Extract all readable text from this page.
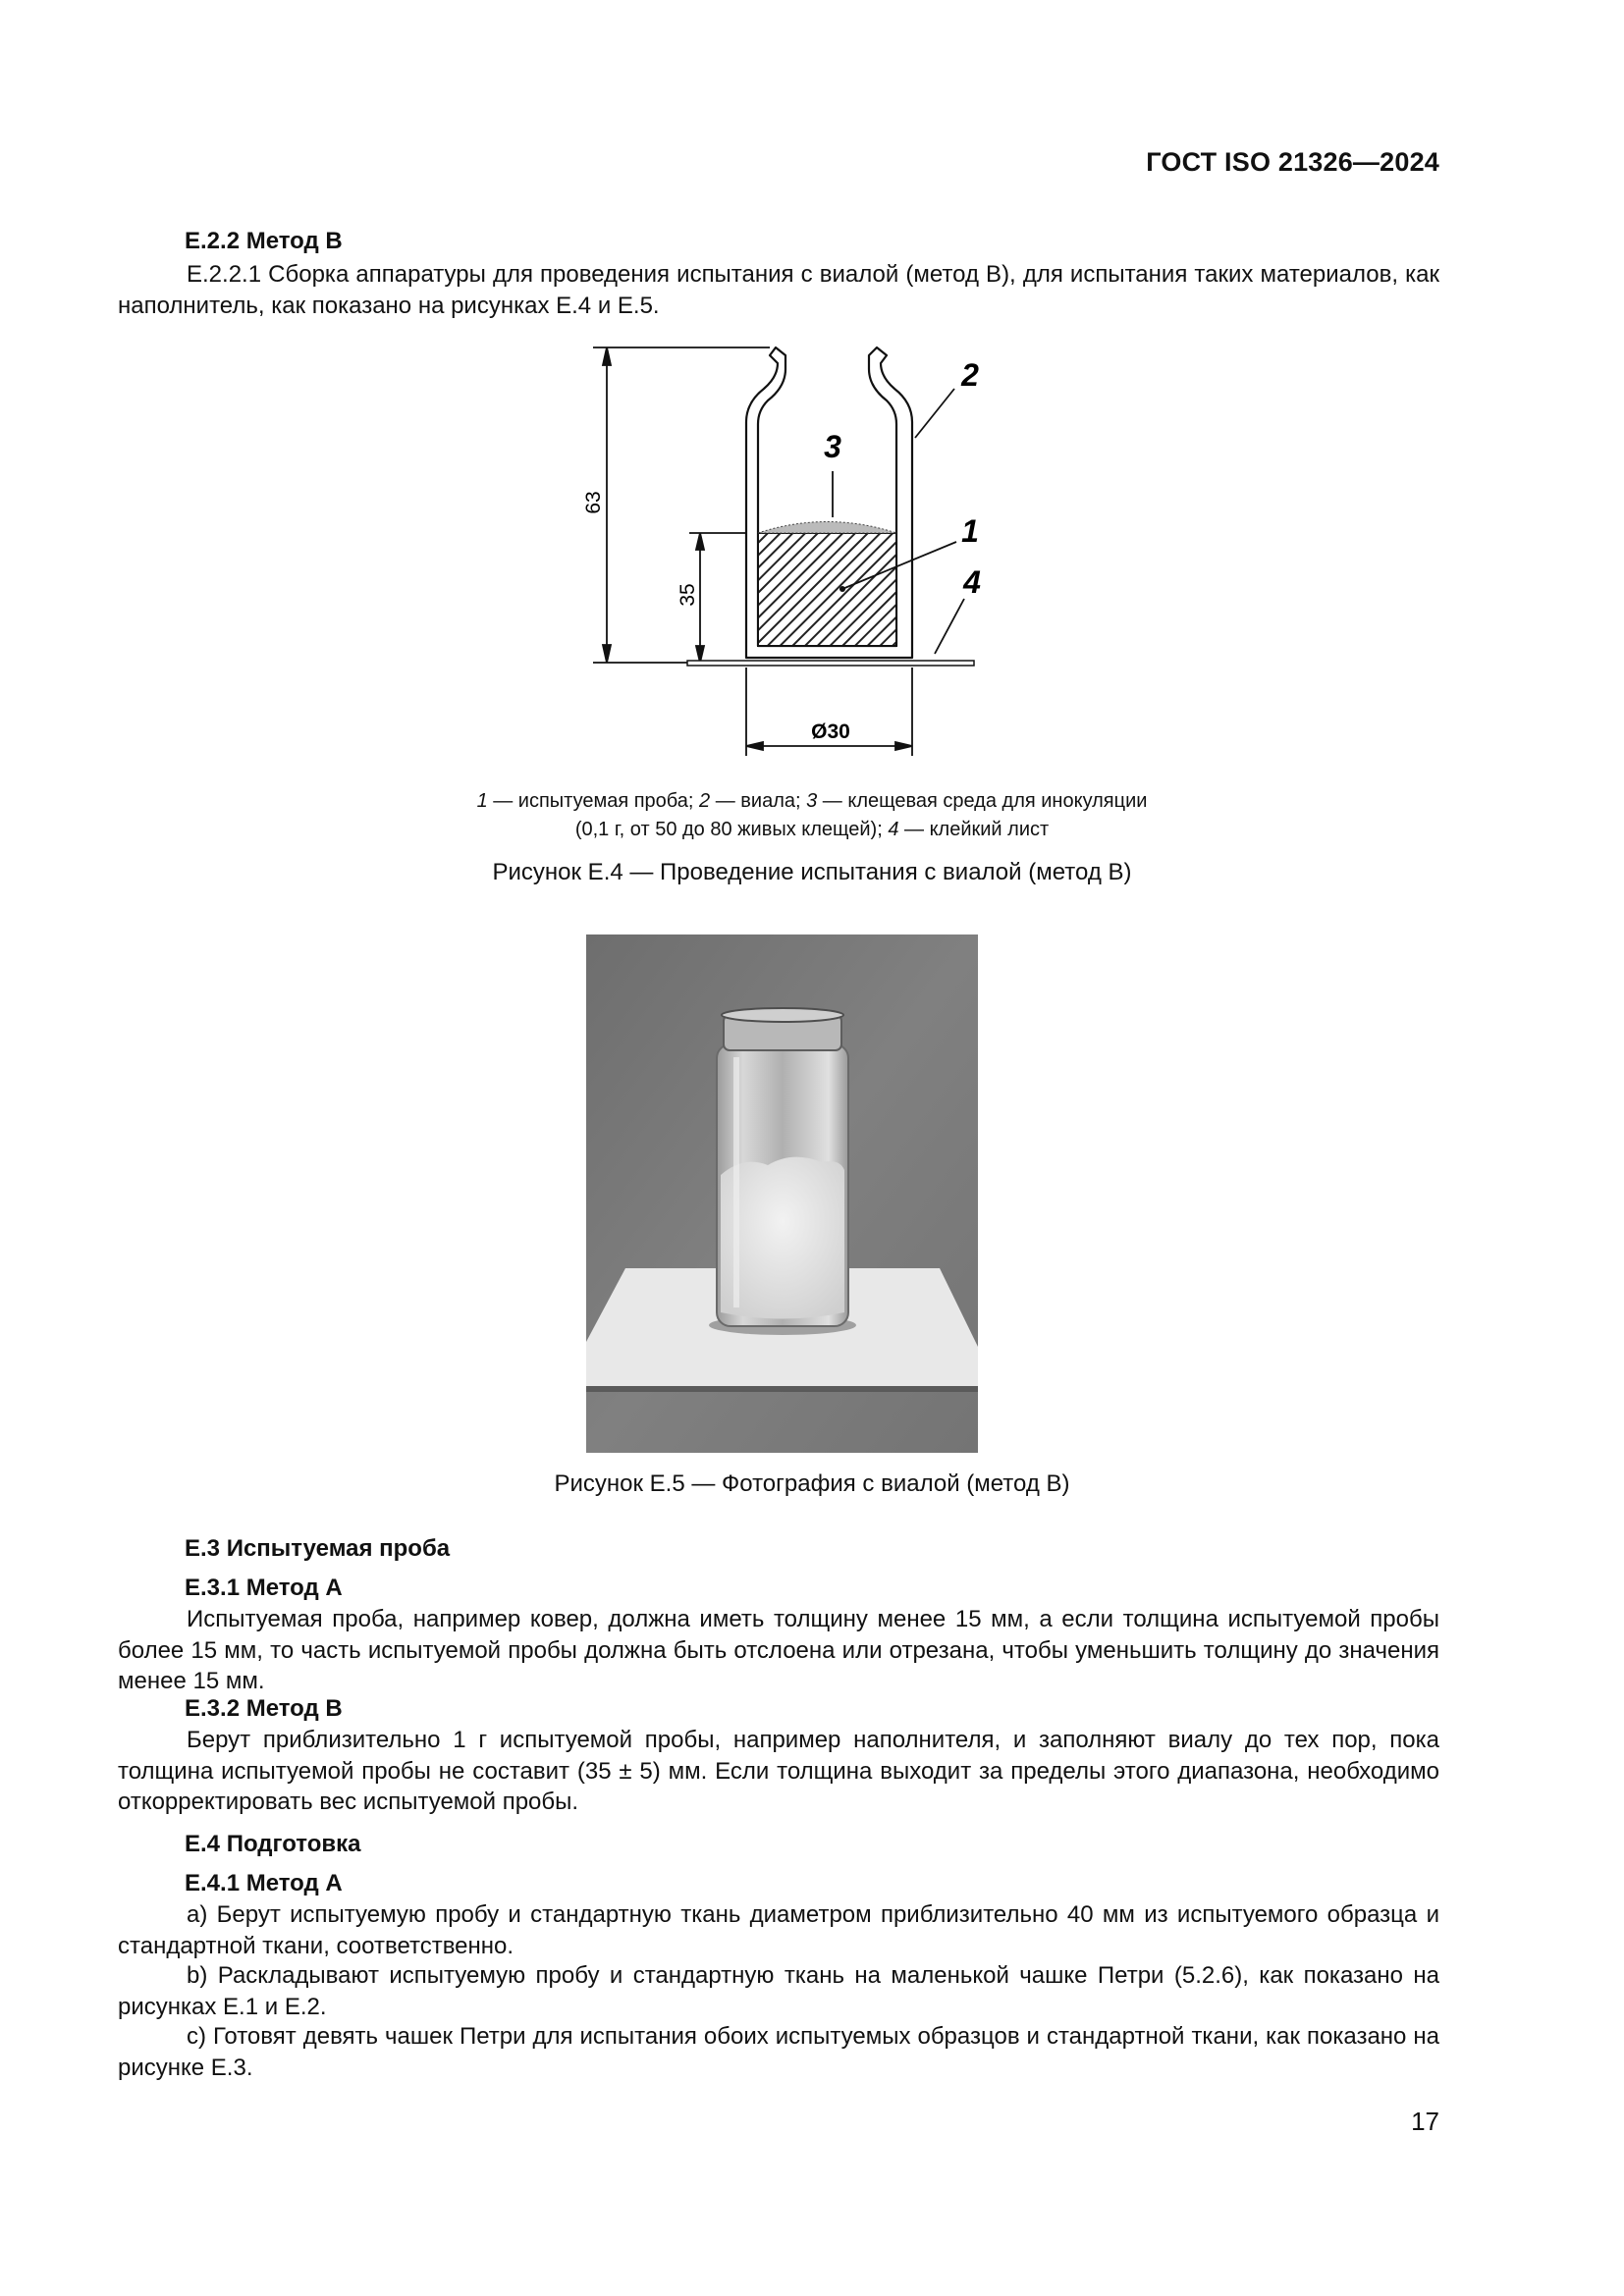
ГОСТ ISO 21326—2024
E.2.2 Метод В
E.2.2.1 Сборка аппаратуры для проведения испытания с виалой (метод В), для испытания таких материалов, как наполнитель, как показано на рисунках E.4 и E.5.
63
35
Ø30
3
2
1
4
1 — испытуемая проба; 2 — виала; 3 — клещевая среда для инокуляции
(0,1 г, от 50 до 80 живых клещей); 4 — клейкий лист
Рисунок E.4 — Проведение испытания с виалой (метод В)
Рисунок E.5 — Фотография с виалой (метод В)
E.3 Испытуемая проба
E.3.1 Метод А
Испытуемая проба, например ковер, должна иметь толщину менее 15 мм, а если толщина испытуемой пробы более 15 мм, то часть испытуемой пробы должна быть отслоена или отрезана, чтобы уменьшить толщину до значения менее 15 мм.
E.3.2 Метод В
Берут приблизительно 1 г испытуемой пробы, например наполнителя, и заполняют виалу до тех пор, пока толщина испытуемой пробы не составит (35 ± 5) мм. Если толщина выходит за пределы этого диапазона, необходимо откорректировать вес испытуемой пробы.
E.4 Подготовка
E.4.1 Метод А
a) Берут испытуемую пробу и стандартную ткань диаметром приблизительно 40 мм из испытуемого образца и стандартной ткани, соответственно.
b) Раскладывают испытуемую пробу и стандартную ткань на маленькой чашке Петри (5.2.6), как показано на рисунках E.1 и E.2.
c) Готовят девять чашек Петри для испытания обоих испытуемых образцов и стандартной ткани, как показано на рисунке E.3.
17
